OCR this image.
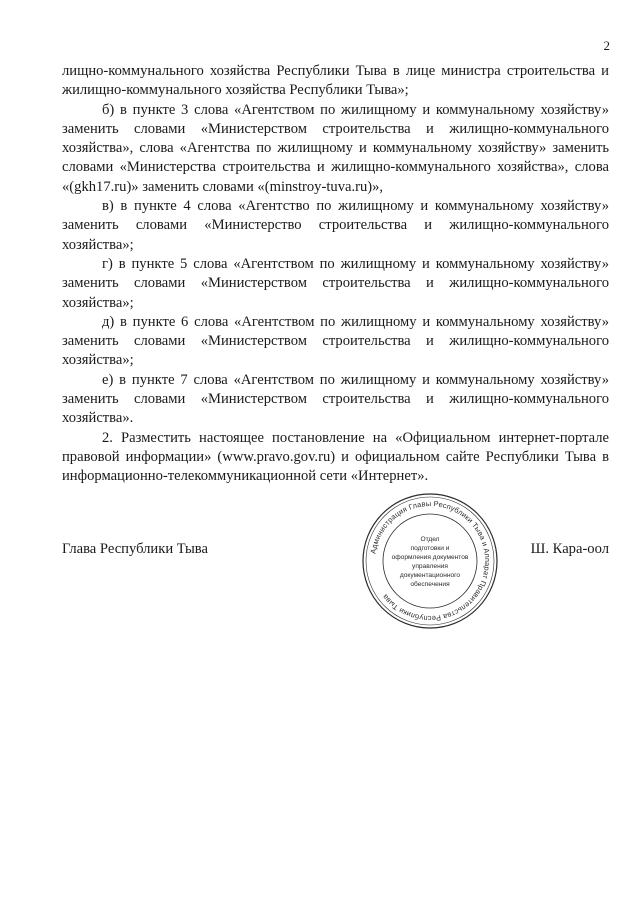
2

лищно-коммунального хозяйства Республики Тыва в лице министра строительства и жилищно-коммунального хозяйства Республики Тыва»;

б) в пункте 3 слова «Агентством по жилищному и коммунальному хозяйству» заменить словами «Министерством строительства и жилищно-коммунального хозяйства», слова «Агентства по жилищному и коммунальному хозяйству» заменить словами «Министерства строительства и жилищно-коммунального хозяйства», слова «(gkh17.ru)» заменить словами «(minstroy-tuva.ru)»,

в) в пункте 4 слова «Агентство по жилищному и коммунальному хозяйству» заменить словами «Министерство строительства и жилищно-коммунального хозяйства»;

г) в пункте 5 слова «Агентством по жилищному и коммунальному хозяйству» заменить словами «Министерством строительства и жилищно-коммунального хозяйства»;

д) в пункте 6 слова «Агентством по жилищному и коммунальному хозяйству» заменить словами «Министерством строительства и жилищно-коммунального хозяйства»;

е) в пункте 7 слова «Агентством по жилищному и коммунальному хозяйству» заменить словами «Министерством строительства и жилищно-коммунального хозяйства».

2. Разместить настоящее постановление на «Официальном интернет-портале правовой информации» (www.pravo.gov.ru) и официальном сайте Республики Тыва в информационно-телекоммуникационной сети «Интернет».

Глава Республики Тыва	Ш. Кара-оол
Администрация Главы Республики Тыва и Аппарат Правительства Республики Тыва
Отдел
подготовки и
оформления документов
управления
документационного
обеспечения
